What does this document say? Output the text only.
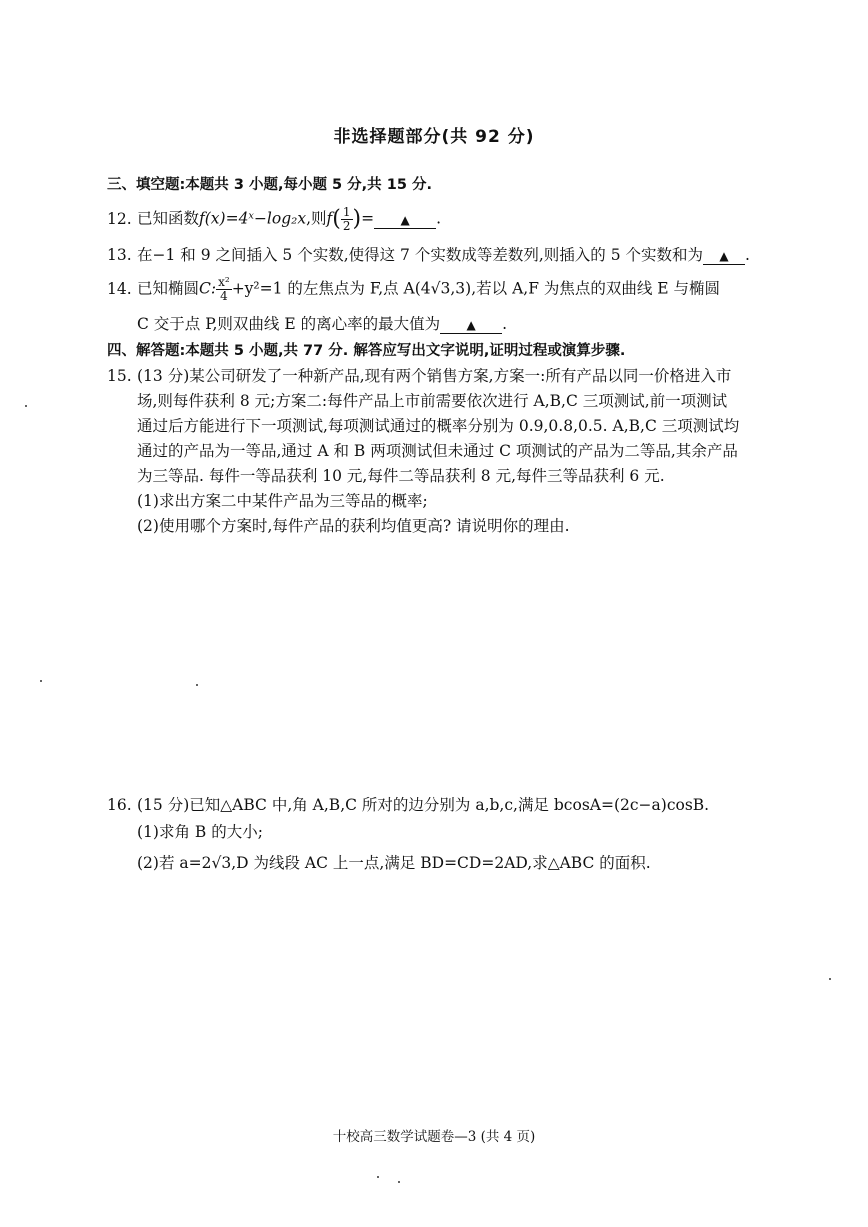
非选择题部分(共 92 分)
三、填空题:本题共 3 小题,每小题 5 分,共 15 分.
12. 已知函数f(x)=4ˣ−log₂x,则$f( \frac{1}{2}$ )= ▲ .
13. 在−1 和 9 之间插入 5 个实数,使得这 7 个实数成等差数列,则插入的 5 个实数和为 ▲ .
14. 已知椭圆C: $\frac{\text{x²}}{4} +y^2=1$ 的左焦点为 F,点 A(4√3,3),若以 A,F 为焦点的双曲线 E 与椭圆
C 交于点 P,则双曲线 E 的离心率的最大值为 ▲ .
四、解答题:本题共 5 小题,共 77 分. 解答应写出文字说明,证明过程或演算步骤.
15. (13 分)某公司研发了一种新产品,现有两个销售方案,方案一:所有产品以同一价格进入市
场,则每件获利 8 元;方案二:每件产品上市前需要依次进行 A,B,C 三项测试,前一项测试
通过后方能进行下一项测试,每项测试通过的概率分别为 0.9,0.8,0.5. A,B,C 三项测试均
通过的产品为一等品,通过 A 和 B 两项测试但未通过 C 项测试的产品为二等品,其余产品
为三等品. 每件一等品获利 10 元,每件二等品获利 8 元,每件三等品获利 6 元.
(1)求出方案二中某件产品为三等品的概率;
(2)使用哪个方案时,每件产品的获利均值更高? 请说明你的理由.
16. (15 分)已知△ABC 中,角 A,B,C 所对的边分别为 a,b,c,满足 bcosA=(2c−a)cosB.
(1)求角 B 的大小;
(2)若 a=2√3,D 为线段 AC 上一点,满足 BD=CD=2AD,求△ABC 的面积.
十校高三数学试题卷—3 (共 4 页)
